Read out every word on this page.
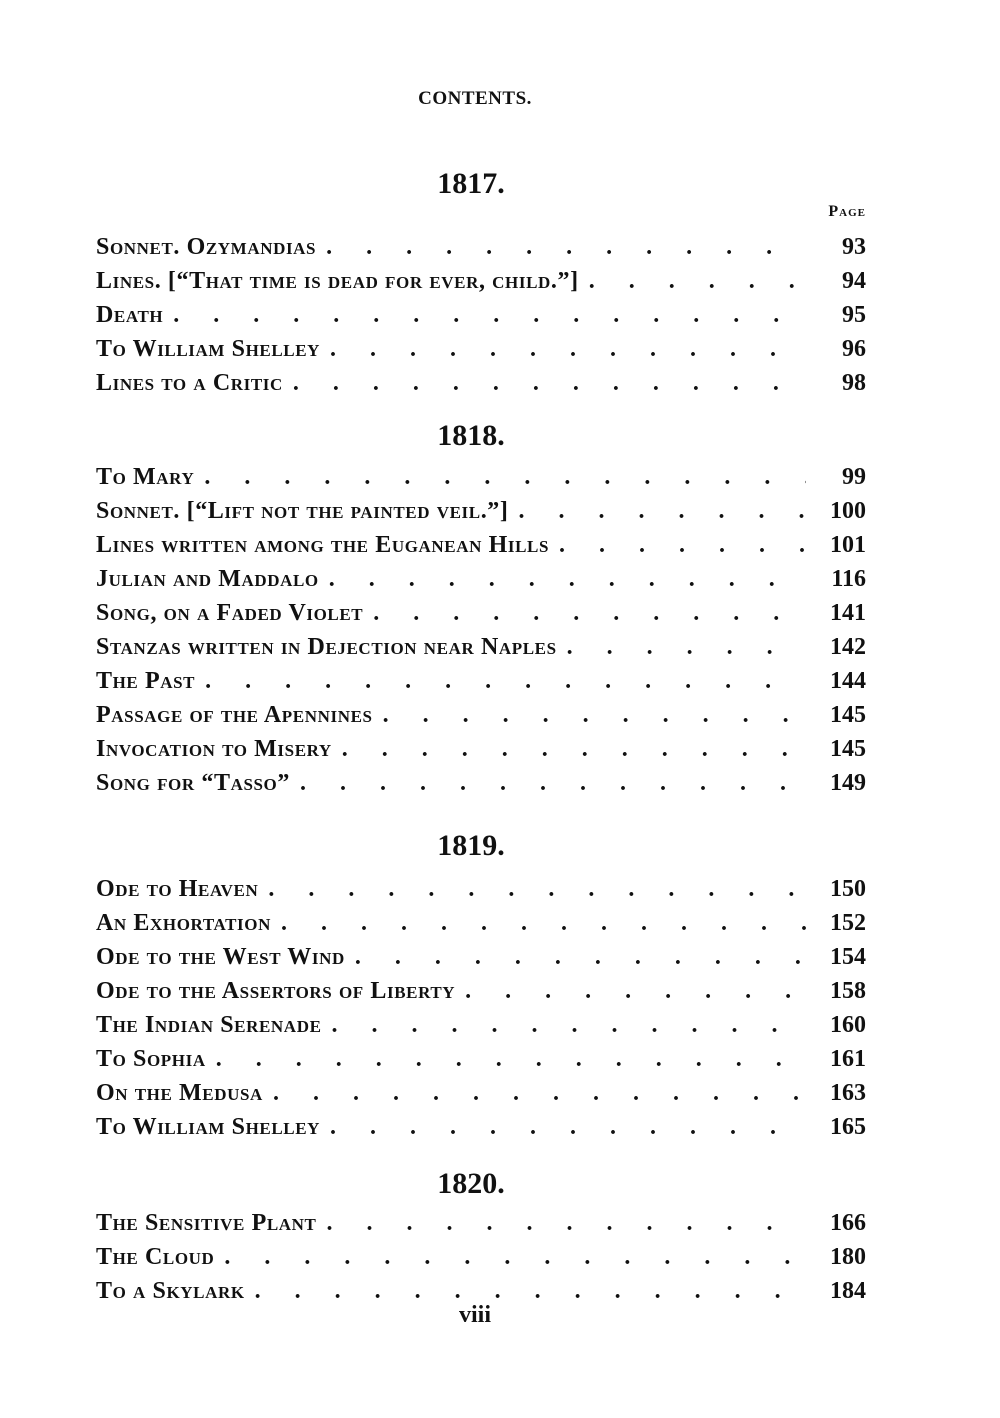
CONTENTS.
Page
1817.
Sonnet. Ozymandias . . .	93
Lines. [“That time is dead for ever, child.”] . . .	94
Death . . .	95
To William Shelley . . .	96
Lines to a Critic . . .	98
1818.
To Mary . . .	99
Sonnet. [“Lift not the painted veil.”] . . .	100
Lines written among the Euganean Hills . . .	101
Julian and Maddalo . . .	116
Song, on a Faded Violet . . .	141
Stanzas written in Dejection near Naples . . .	142
The Past . . .	144
Passage of the Apennines . . .	145
Invocation to Misery . . .	145
Song for “Tasso” . . .	149
1819.
Ode to Heaven . . .	150
An Exhortation . . .	152
Ode to the West Wind . . .	154
Ode to the Assertors of Liberty . . .	158
The Indian Serenade . . .	160
To Sophia . . .	161
On the Medusa . . .	163
To William Shelley . . .	165
1820.
The Sensitive Plant . . .	166
The Cloud . . .	180
To a Skylark . . .	184
viii
